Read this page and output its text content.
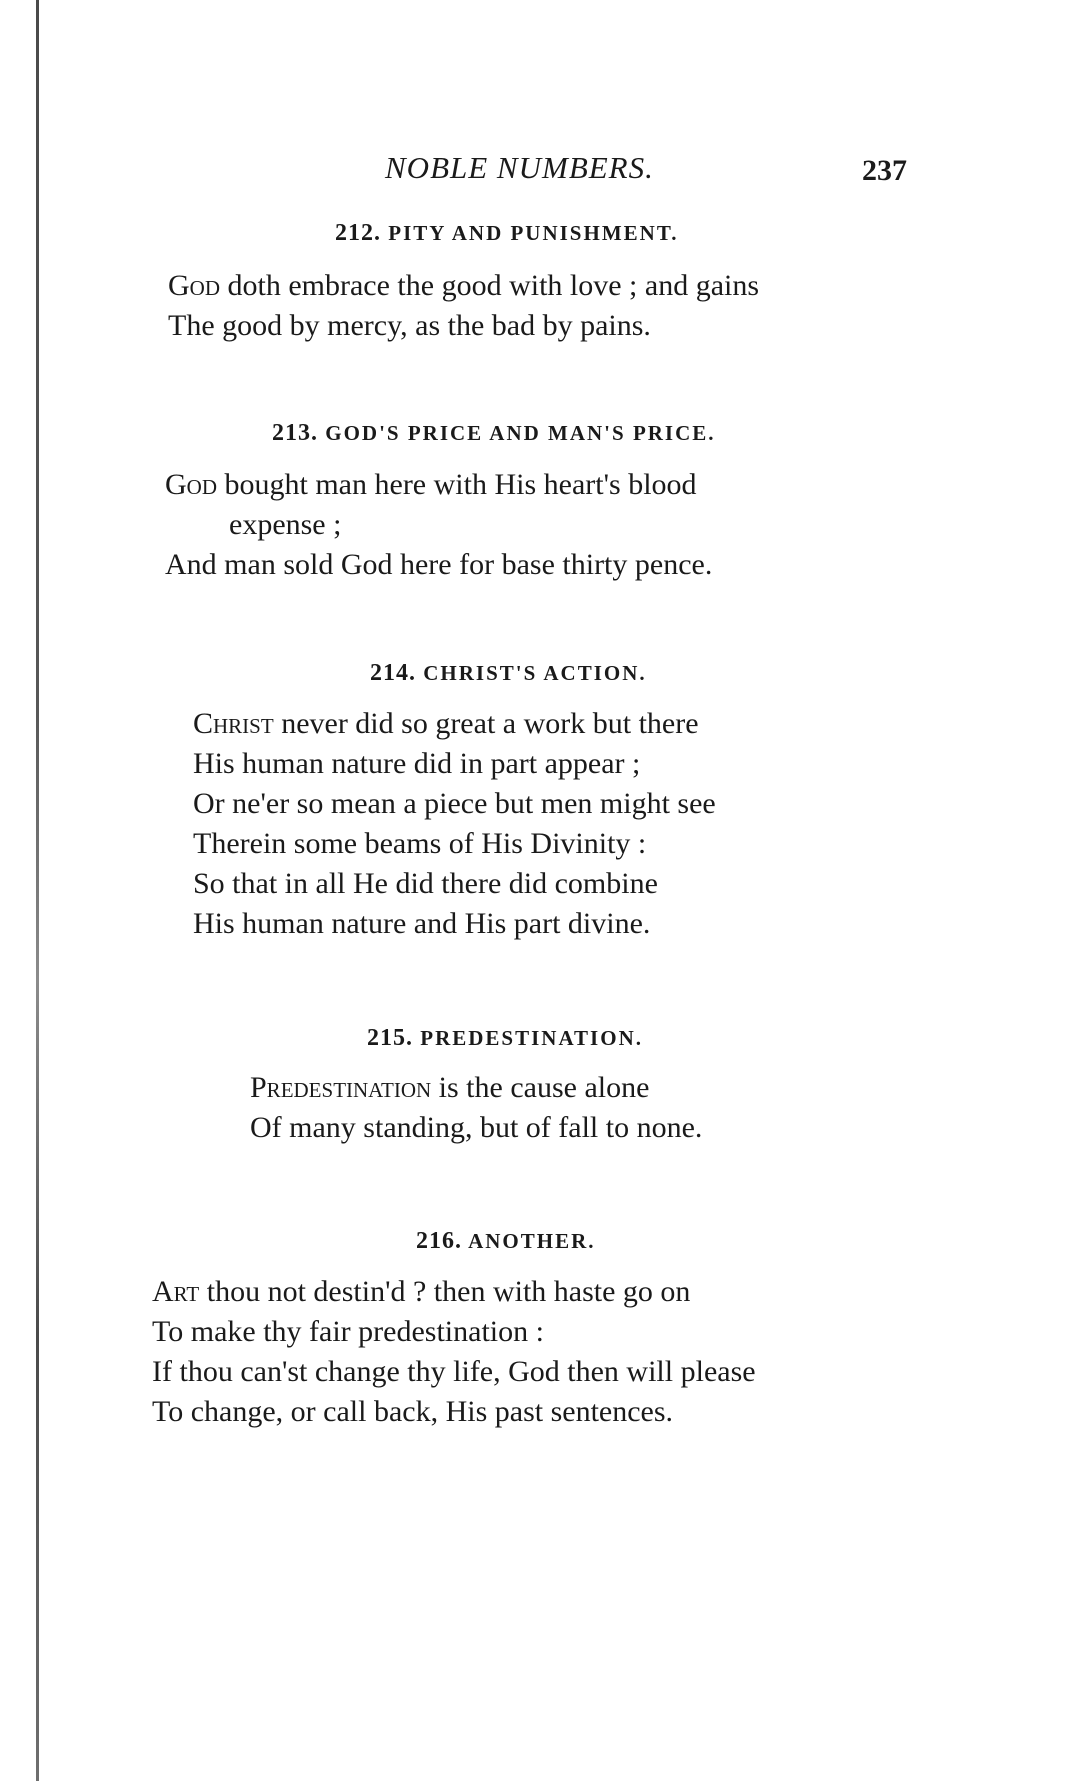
NOBLE NUMBERS.	237
212. PITY AND PUNISHMENT.
God doth embrace the good with love ; and gains
The good by mercy, as the bad by pains.
213. GOD'S PRICE AND MAN'S PRICE.
God bought man here with His heart's blood
expense ;
And man sold God here for base thirty pence.
214. CHRIST'S ACTION.
Christ never did so great a work but there
His human nature did in part appear ;
Or ne'er so mean a piece but men might see
Therein some beams of His Divinity :
So that in all He did there did combine
His human nature and His part divine.
215. PREDESTINATION.
Predestination is the cause alone
Of many standing, but of fall to none.
216. ANOTHER.
Art thou not destin'd ? then with haste go on
To make thy fair predestination :
If thou can'st change thy life, God then will please
To change, or call back, His past sentences.
